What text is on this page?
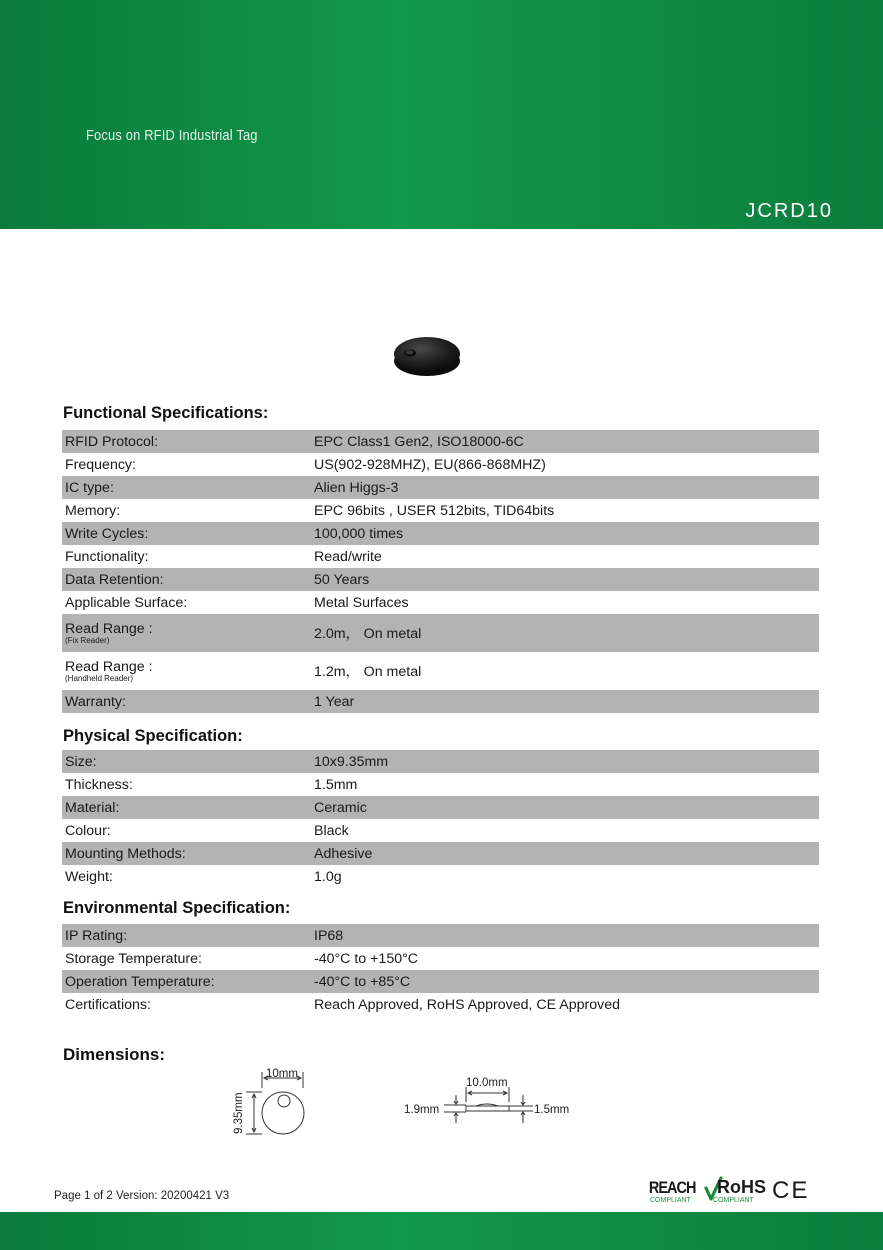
Focus on RFID Industrial Tag
JCRD10
Functional Specifications:
RFID Protocol:	EPC Class1 Gen2, ISO18000-6C
Frequency:	US(902-928MHZ), EU(866-868MHZ)
IC type:	Alien Higgs-3
Memory:	EPC 96bits , USER 512bits, TID64bits
Write Cycles:	100,000 times
Functionality:	Read/write
Data Retention:	50 Years
Applicable Surface:	Metal Surfaces
Read Range :
(Fix Reader)	2.0m， On metal
Read Range :
(Handheld Reader)	1.2m， On metal
Warranty:	1 Year
Physical Specification:
Size:	10x9.35mm
Thickness:	1.5mm
Material:	Ceramic
Colour:	Black
Mounting Methods:	Adhesive
Weight:	1.0g
Environmental Specification:
IP Rating:	IP68
Storage Temperature:	-40°C to +150°C
Operation Temperature:	-40°C to +85°C
Certifications:	Reach Approved, RoHS Approved, CE Approved
Dimensions:
10mm
9.35mm
10.0mm
1.9mm	1.5mm
Page 1 of 2 Version: 20200421 V3	REACH
COMPLIANT
RoHS
COMPLIANT CE
